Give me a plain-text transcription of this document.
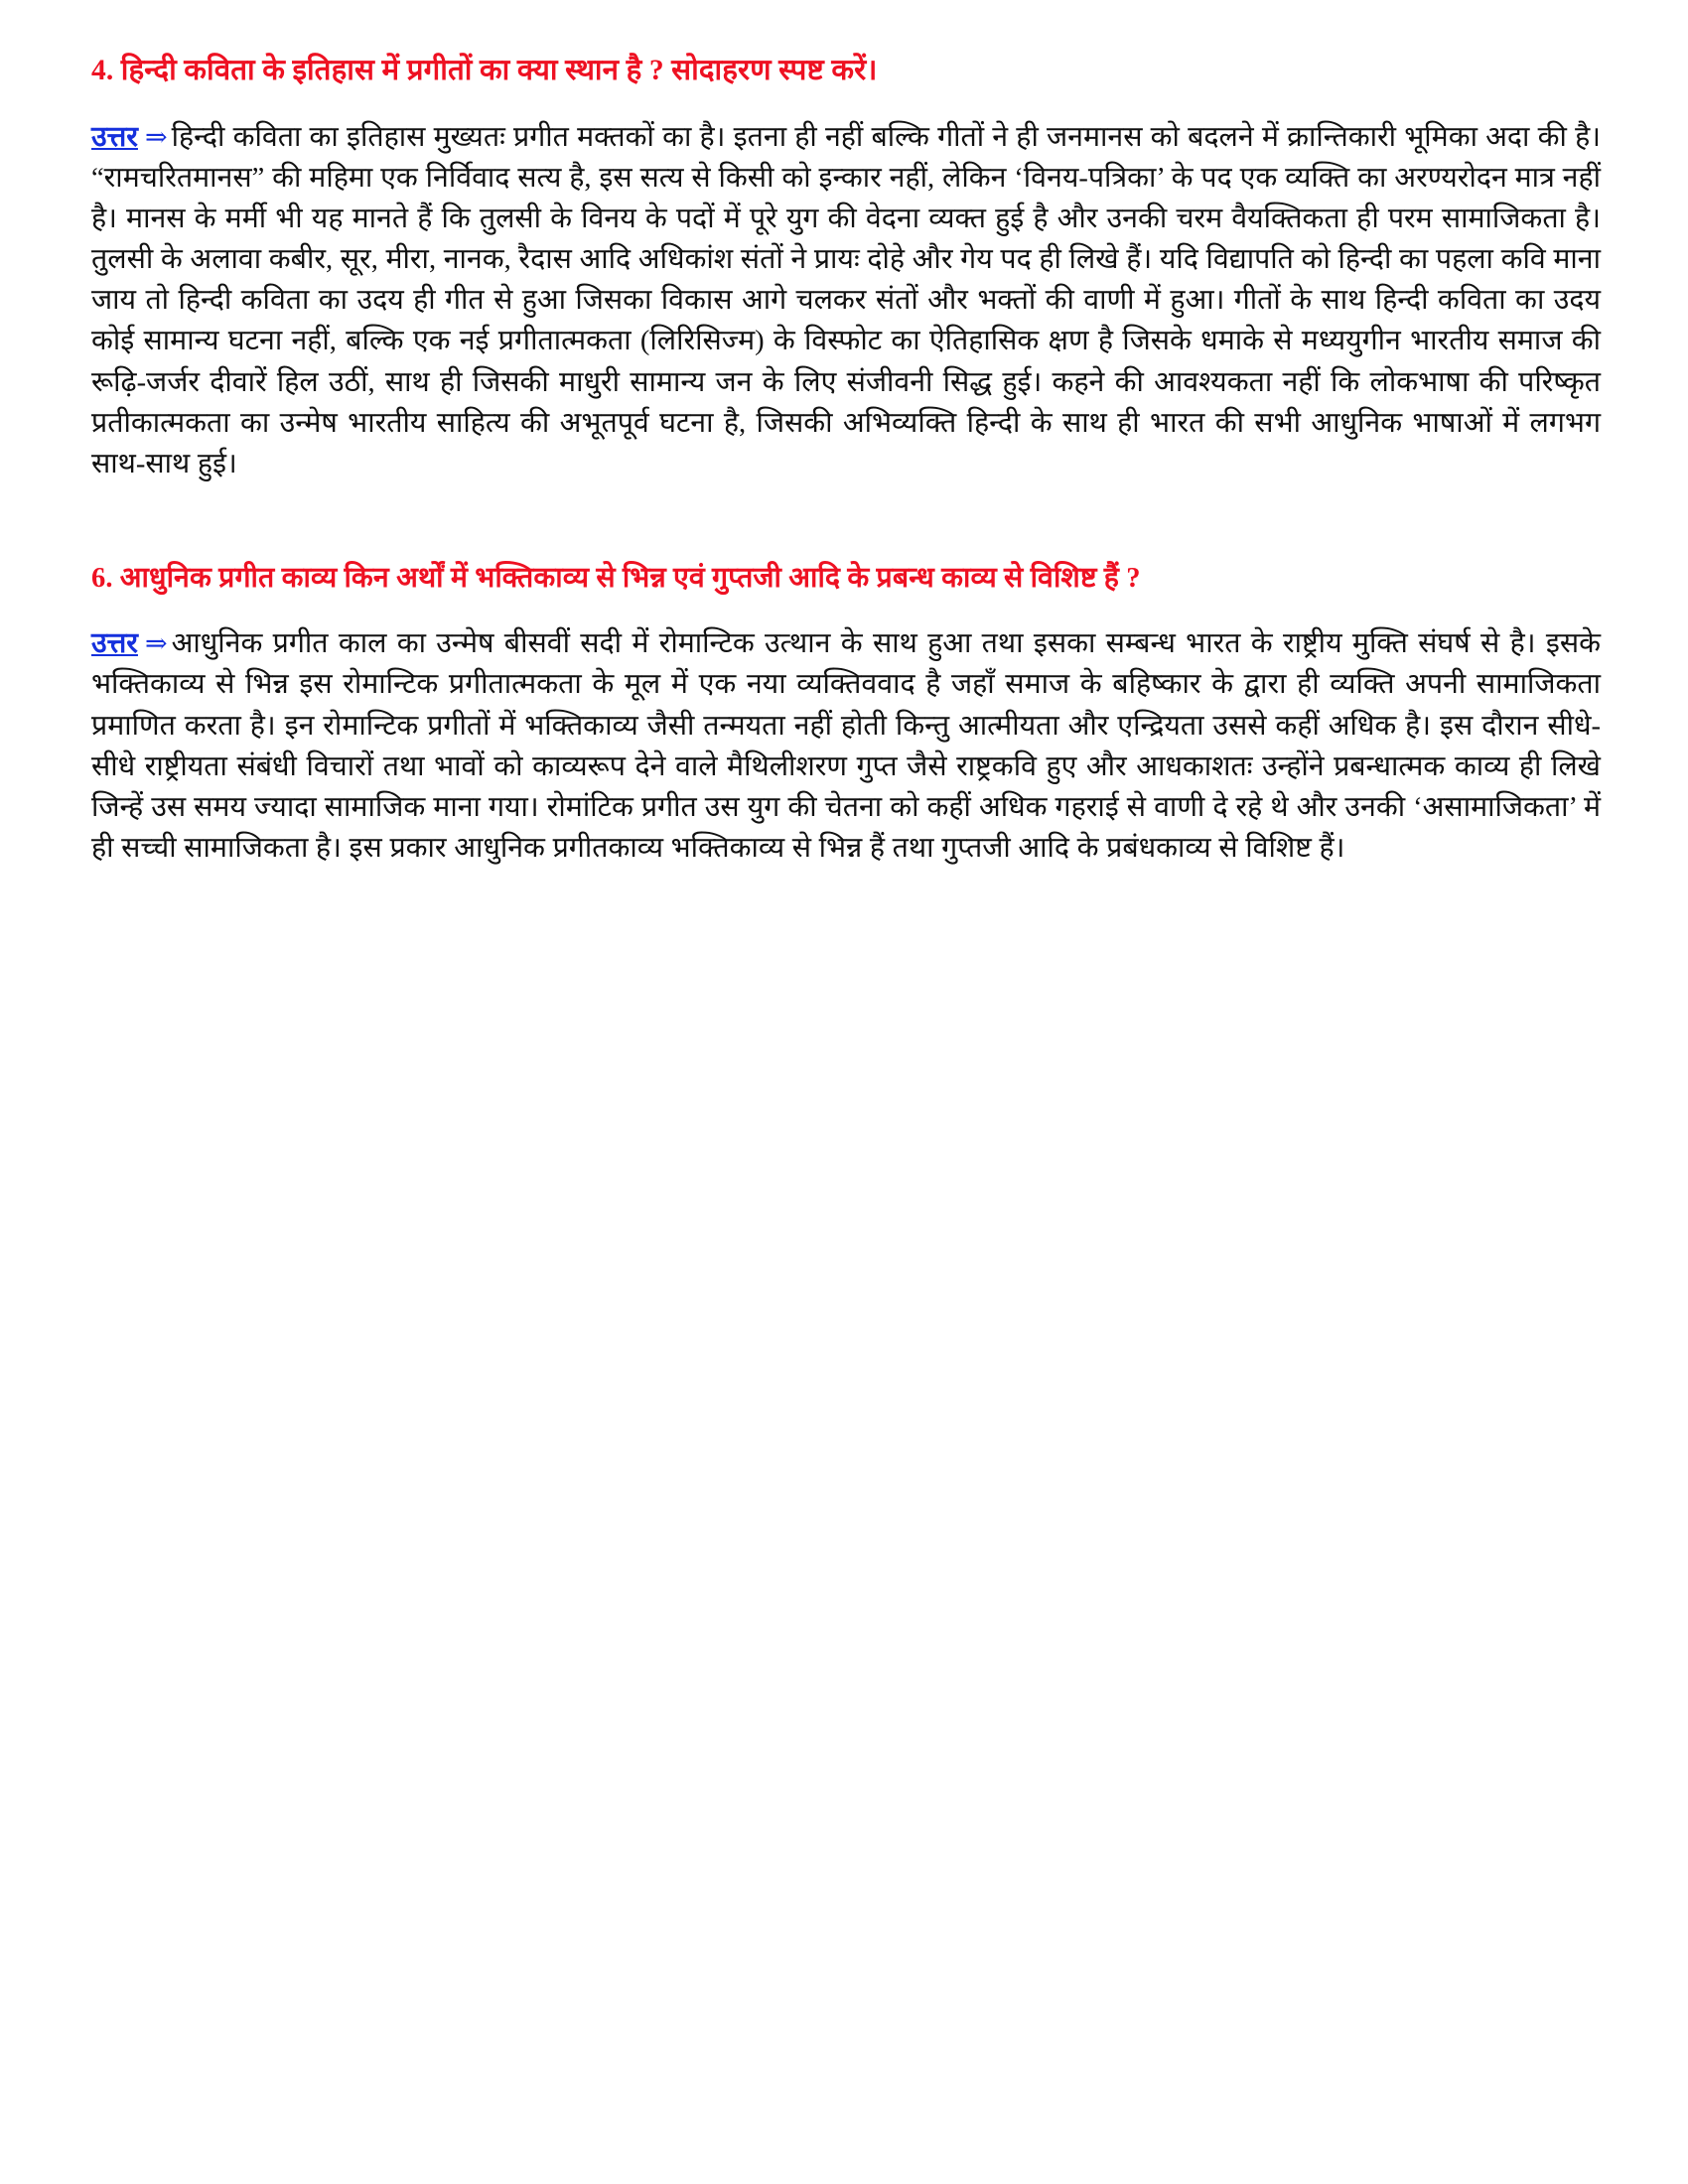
4. हिन्दी कविता के इतिहास में प्रगीतों का क्या स्थान है ? सोदाहरण स्पष्ट करें।

उत्तर ⇒ हिन्दी कविता का इतिहास मुख्यतः प्रगीत मक्तकों का है। इतना ही नहीं बल्कि गीतों ने ही जनमानस को बदलने में क्रान्तिकारी भूमिका अदा की है। “रामचरितमानस” की महिमा एक निर्विवाद सत्य है, इस सत्य से किसी को इन्कार नहीं, लेकिन ‘विनय-पत्रिका’ के पद एक व्यक्ति का अरण्यरोदन मात्र नहीं है। मानस के मर्मी भी यह मानते हैं कि तुलसी के विनय के पदों में पूरे युग की वेदना व्यक्त हुई है और उनकी चरम वैयक्तिकता ही परम सामाजिकता है। तुलसी के अलावा कबीर, सूर, मीरा, नानक, रैदास आदि अधिकांश संतों ने प्रायः दोहे और गेय पद ही लिखे हैं। यदि विद्यापति को हिन्दी का पहला कवि माना जाय तो हिन्दी कविता का उदय ही गीत से हुआ जिसका विकास आगे चलकर संतों और भक्तों की वाणी में हुआ। गीतों के साथ हिन्दी कविता का उदय कोई सामान्य घटना नहीं, बल्कि एक नई प्रगीतात्मकता (लिरिसिज्म) के विस्फोट का ऐतिहासिक क्षण है जिसके धमाके से मध्ययुगीन भारतीय समाज की रूढ़ि-जर्जर दीवारें हिल उठीं, साथ ही जिसकी माधुरी सामान्य जन के लिए संजीवनी सिद्ध हुई। कहने की आवश्यकता नहीं कि लोकभाषा की परिष्कृत प्रतीकात्मकता का उन्मेष भारतीय साहित्य की अभूतपूर्व घटना है, जिसकी अभिव्यक्ति हिन्दी के साथ ही भारत की सभी आधुनिक भाषाओं में लगभग साथ-साथ हुई।

6. आधुनिक प्रगीत काव्य किन अर्थों में भक्तिकाव्य से भिन्न एवं गुप्तजी आदि के प्रबन्ध काव्य से विशिष्ट हैं ?

उत्तर ⇒ आधुनिक प्रगीत काल का उन्मेष बीसवीं सदी में रोमान्टिक उत्थान के साथ हुआ तथा इसका सम्बन्ध भारत के राष्ट्रीय मुक्ति संघर्ष से है। इसके भक्तिकाव्य से भिन्न इस रोमान्टिक प्रगीतात्मकता के मूल में एक नया व्यक्तिववाद है जहाँ समाज के बहिष्कार के द्वारा ही व्यक्ति अपनी सामाजिकता प्रमाणित करता है। इन रोमान्टिक प्रगीतों में भक्तिकाव्य जैसी तन्मयता नहीं होती किन्तु आत्मीयता और एन्द्रियता उससे कहीं अधिक है। इस दौरान सीधे-सीधे राष्ट्रीयता संबंधी विचारों तथा भावों को काव्यरूप देने वाले मैथिलीशरण गुप्त जैसे राष्ट्रकवि हुए और आधकाशतः उन्होंने प्रबन्धात्मक काव्य ही लिखे जिन्हें उस समय ज्यादा सामाजिक माना गया। रोमांटिक प्रगीत उस युग की चेतना को कहीं अधिक गहराई से वाणी दे रहे थे और उनकी ‘असामाजिकता’ में ही सच्ची सामाजिकता है। इस प्रकार आधुनिक प्रगीतकाव्य भक्तिकाव्य से भिन्न हैं तथा गुप्तजी आदि के प्रबंधकाव्य से विशिष्ट हैं।
